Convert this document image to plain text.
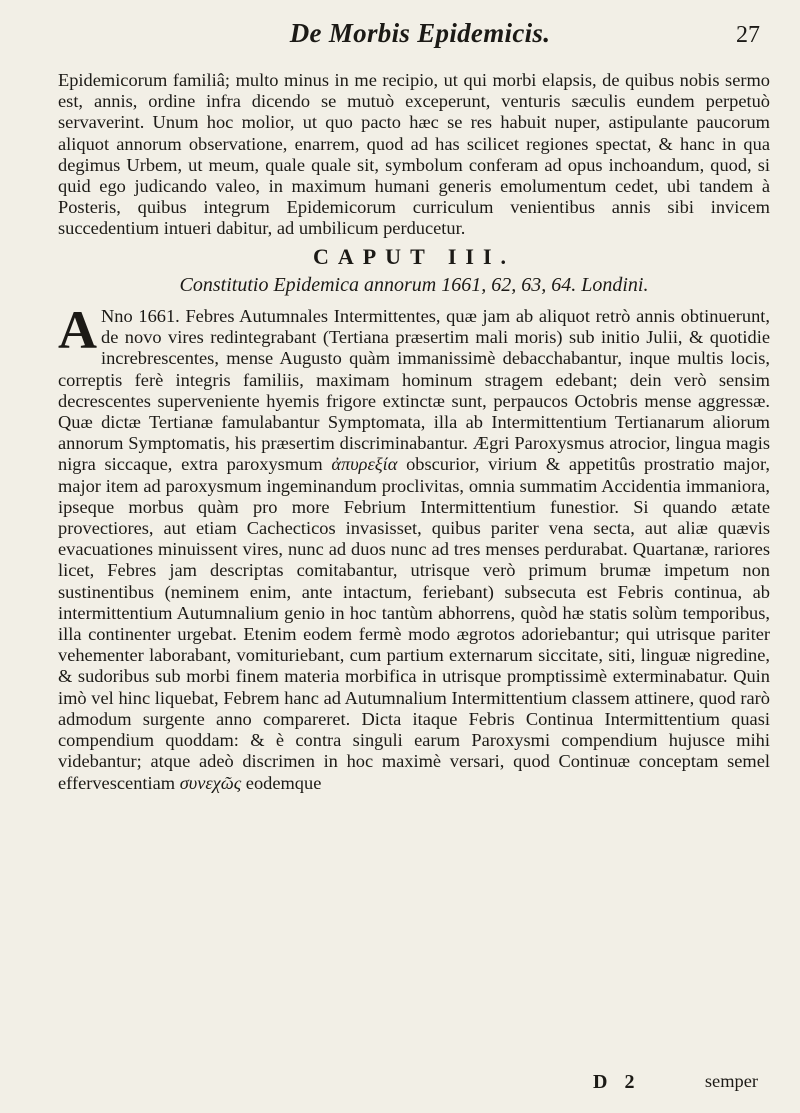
De Morbis Epidemicis.	27

Epidemicorum familiâ; multo minus in me recipio, ut qui morbi elapsis, de quibus nobis sermo est, annis, ordine infra dicendo se mutuò exceperunt, venturis sæculis eundem perpetuò servaverint. Unum hoc molior, ut quo pacto hæc se res habuit nuper, astipulante paucorum aliquot annorum observatione, enarrem, quod ad has scilicet regiones spectat, & hanc in qua degimus Urbem, ut meum, quale quale sit, symbolum conferam ad opus inchoandum, quod, si quid ego judicando valeo, in maximum humani generis emolumentum cedet, ubi tandem à Posteris, quibus integrum Epidemicorum curriculum venientibus annis sibi invicem succedentium intueri dabitur, ad umbilicum perducetur.

CAPUT III.
Constitutio Epidemica annorum 1661, 62, 63, 64. Londini.

A Nno 1661. Febres Autumnales Intermittentes, quæ jam ab aliquot retrò annis obtinuerunt, de novo vires redintegrabant (Tertiana præsertim mali moris) sub initio Julii, & quotidie increbrescentes, mense Augusto quàm immanissimè debacchabantur, inque multis locis, correptis ferè integris familiis, maximam hominum stragem edebant; dein verò sensim decrescentes supervenientе hyemis frigore extinctæ sunt, perpaucos Octobris mense aggressæ. Quæ dictæ Tertianæ famulabantur Symptomata, illa ab Intermittentium Tertianarum aliorum annorum Symptomatis, his præsertim discriminabantur. Ægri Paroxysmus atrocior, lingua magis nigra siccaque, extra paroxysmum ἀπυρεξία obscurior, virium & appetitûs prostratio major, major item ad paroxysmum ingeminandum proclivitas, omnia summatim Accidentia immaniora, ipseque morbus quàm pro more Febrium Intermittentium funestior. Si quando ætate provectiores, aut etiam Cachecticos invasisset, quibus pariter vena secta, aut aliæ quævis evacuationes minuissent vires, nunc ad duos nunc ad tres menses perdurabat. Quartanæ, rariores licet, Febres jam descriptas comitabantur, utrisque verò primum brumæ impetum non sustinentibus (neminem enim, ante intactum, feriebant) subsecuta est Febris continua, ab intermittentium Autumnalium genio in hoc tantùm abhorrens, quòd hæ statis solùm temporibus, illa continenter urgebat. Etenim eodem fermè modo ægrotos adoriebantur; qui utrisque pariter vehementer laborabant, vomituriebant, cum partium externarum siccitate, siti, linguæ nigredine, & sudoribus sub morbi finem materia morbifica in utrisque promptissimè exterminabatur. Quin imò vel hinc liquebat, Febrem hanc ad Autumnalium Intermittentium classem attinere, quod rarò admodum surgente anno compareret. Dicta itaque Febris Continua Intermittentium quasi compendium quoddam: & è contra singuli earum Paroxysmi compendium hujusce mihi videbantur; atque adeò discrimen in hoc maximè versari, quod Continuæ conceptam semel effervescentiam συνεχῶς eodemque

D 2	semper
